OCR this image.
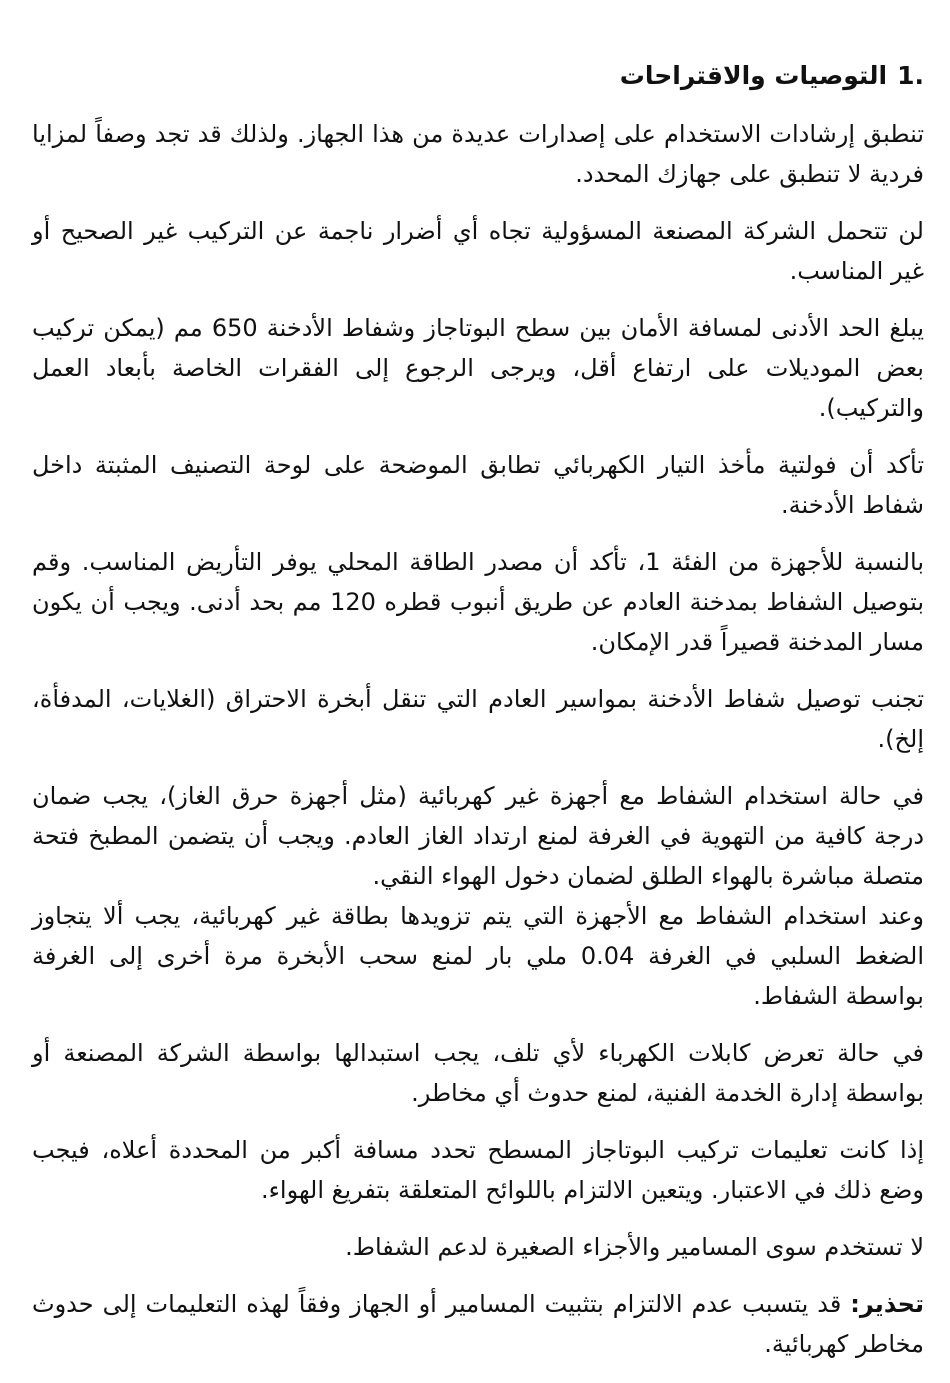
1.
التوصيات والاقتراحات

تنطبق إرشادات الاستخدام على إصدارات عديدة من هذا الجهاز. ولذلك قد تجد وصفاً لمزايا فردية لا تنطبق على جهازك المحدد.

لن تتحمل الشركة المصنعة المسؤولية تجاه أي أضرار ناجمة عن التركيب غير الصحيح أو غير المناسب.

يبلغ الحد الأدنى لمسافة الأمان بين سطح البوتاجاز وشفاط الأدخنة 650 مم (يمكن تركيب بعض الموديلات على ارتفاع أقل، ويرجى الرجوع إلى الفقرات الخاصة بأبعاد العمل والتركيب).

تأكد أن فولتية مأخذ التيار الكهربائي تطابق الموضحة على لوحة التصنيف المثبتة داخل شفاط الأدخنة.

بالنسبة للأجهزة من الفئة 1، تأكد أن مصدر الطاقة المحلي يوفر التأريض المناسب. وقم بتوصيل الشفاط بمدخنة العادم عن طريق أنبوب قطره 120 مم بحد أدنى. ويجب أن يكون مسار المدخنة قصيراً قدر الإمكان.

تجنب توصيل شفاط الأدخنة بمواسير العادم التي تنقل أبخرة الاحتراق (الغلايات، المدفأة، إلخ).

في حالة استخدام الشفاط مع أجهزة غير كهربائية (مثل أجهزة حرق الغاز)، يجب ضمان درجة كافية من التهوية في الغرفة لمنع ارتداد الغاز العادم. ويجب أن يتضمن المطبخ فتحة متصلة مباشرة بالهواء الطلق لضمان دخول الهواء النقي.

وعند استخدام الشفاط مع الأجهزة التي يتم تزويدها بطاقة غير كهربائية، يجب ألا يتجاوز الضغط السلبي في الغرفة 0.04 ملي بار لمنع سحب الأبخرة مرة أخرى إلى الغرفة بواسطة الشفاط.

في حالة تعرض كابلات الكهرباء لأي تلف، يجب استبدالها بواسطة الشركة المصنعة أو بواسطة إدارة الخدمة الفنية، لمنع حدوث أي مخاطر.

إذا كانت تعليمات تركيب البوتاجاز المسطح تحدد مسافة أكبر من المحددة أعلاه، فيجب وضع ذلك في الاعتبار. ويتعين الالتزام باللوائح المتعلقة بتفريغ الهواء.

لا تستخدم سوى المسامير والأجزاء الصغيرة لدعم الشفاط.

تحذير: قد يتسبب عدم الالتزام بتثبيت المسامير أو الجهاز وفقاً لهذه التعليمات إلى حدوث مخاطر كهربائية.
